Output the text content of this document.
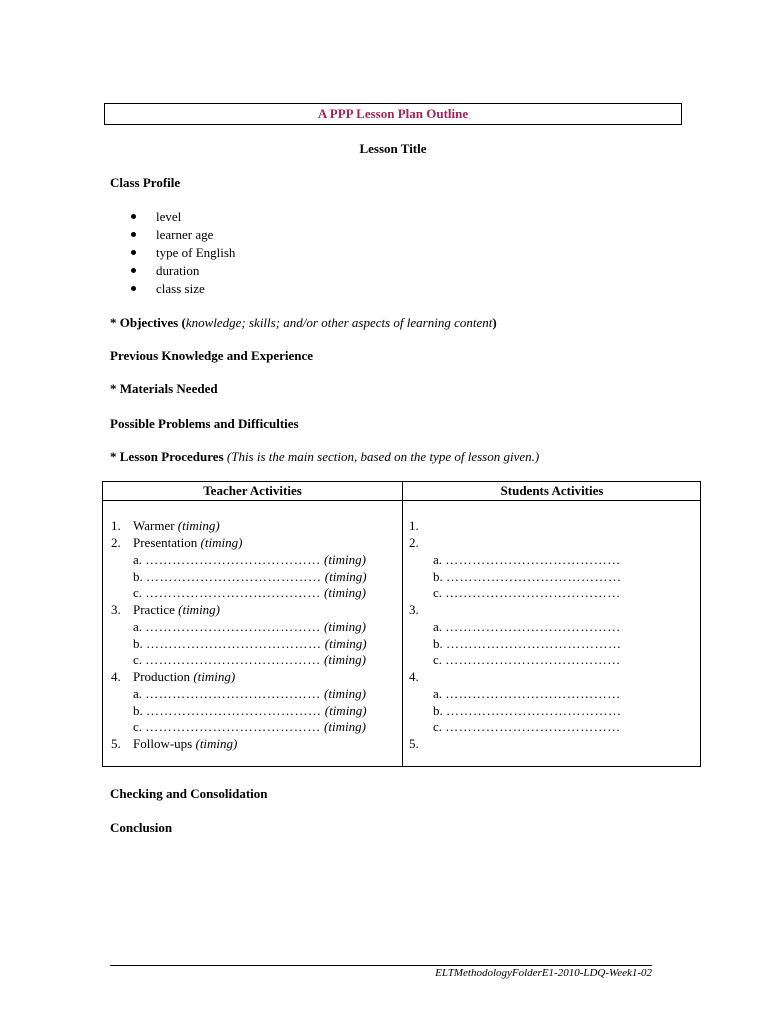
A PPP Lesson Plan Outline
Lesson Title
Class Profile
level
learner age
type of English
duration
class size
* Objectives (knowledge; skills; and/or other aspects of learning content)
Previous Knowledge and Experience
* Materials Needed
Possible Problems and Difficulties
* Lesson Procedures (This is the main section, based on the type of lesson given.)
Teacher Activities	Students Activities
1. Warmer (timing)
2. Presentation (timing)
a. ………………………………… (timing)
b. ………………………………… (timing)
c. ………………………………… (timing)
3. Practice (timing)
a. ………………………………… (timing)
b. ………………………………… (timing)
c. ………………………………… (timing)
4. Production (timing)
a. ………………………………… (timing)
b. ………………………………… (timing)
c. ………………………………… (timing)
5. Follow-ups (timing)
1.
2.
a. …………………………………
b. …………………………………
c. …………………………………
3.
a. …………………………………
b. …………………………………
c. …………………………………
4.
a. …………………………………
b. …………………………………
c. …………………………………
5.
Checking and Consolidation
Conclusion
ELTMethodologyFolderE1-2010-LDQ-Week1-02
